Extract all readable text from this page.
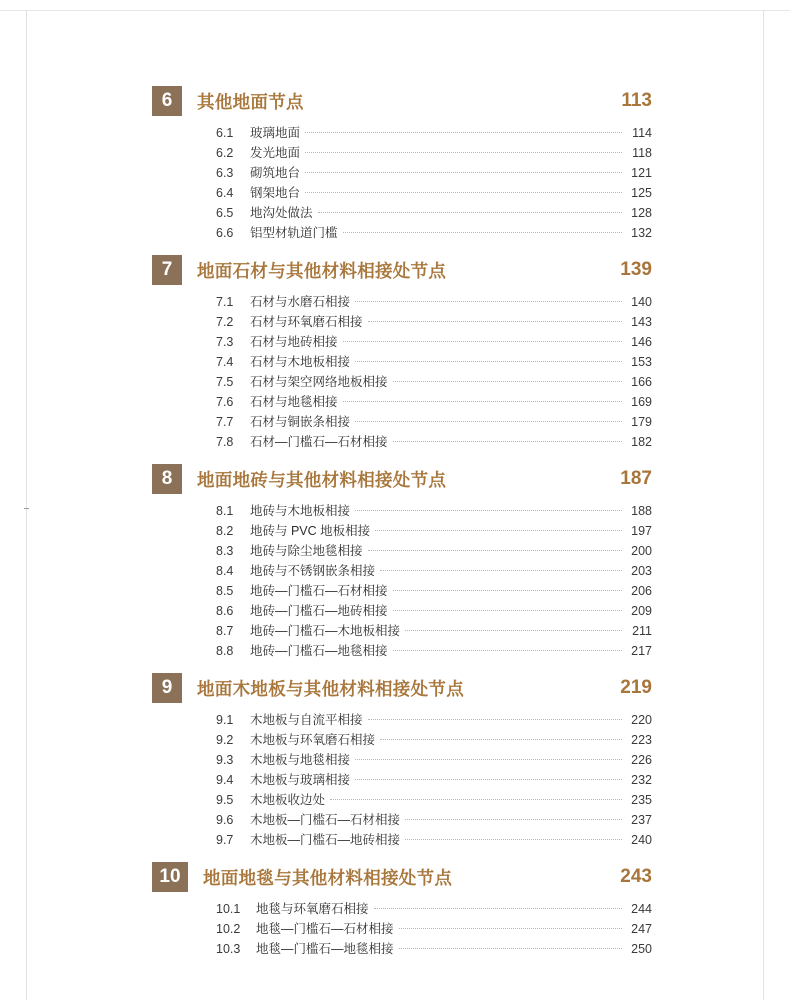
6	其他地面节点	113
6.1	玻璃地面	114
6.2	发光地面	118
6.3	砌筑地台	121
6.4	钢架地台	125
6.5	地沟处做法	128
6.6	铝型材轨道门槛	132
7	地面石材与其他材料相接处节点	139
7.1	石材与水磨石相接	140
7.2	石材与环氧磨石相接	143
7.3	石材与地砖相接	146
7.4	石材与木地板相接	153
7.5	石材与架空网络地板相接	166
7.6	石材与地毯相接	169
7.7	石材与铜嵌条相接	179
7.8	石材—门槛石—石材相接	182
8	地面地砖与其他材料相接处节点	187
8.1	地砖与木地板相接	188
8.2	地砖与 PVC 地板相接	197
8.3	地砖与除尘地毯相接	200
8.4	地砖与不锈钢嵌条相接	203
8.5	地砖—门槛石—石材相接	206
8.6	地砖—门槛石—地砖相接	209
8.7	地砖—门槛石—木地板相接	211
8.8	地砖—门槛石—地毯相接	217
9	地面木地板与其他材料相接处节点	219
9.1	木地板与自流平相接	220
9.2	木地板与环氧磨石相接	223
9.3	木地板与地毯相接	226
9.4	木地板与玻璃相接	232
9.5	木地板收边处	235
9.6	木地板—门槛石—石材相接	237
9.7	木地板—门槛石—地砖相接	240
10	地面地毯与其他材料相接处节点	243
10.1	地毯与环氧磨石相接	244
10.2	地毯—门槛石—石材相接	247
10.3	地毯—门槛石—地毯相接	250
